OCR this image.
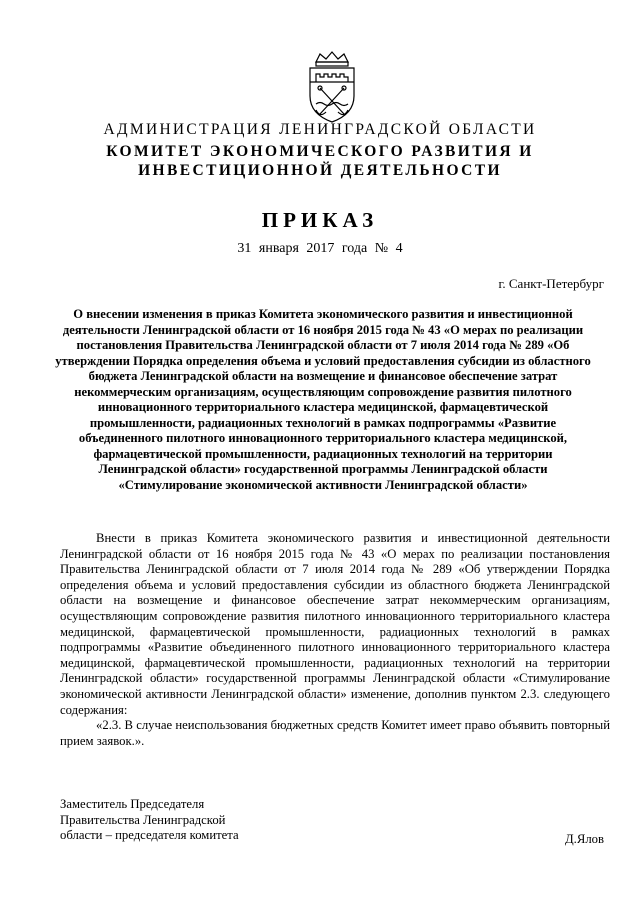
АДМИНИСТРАЦИЯ ЛЕНИНГРАДСКОЙ ОБЛАСТИ
КОМИТЕТ ЭКОНОМИЧЕСКОГО РАЗВИТИЯ И
ИНВЕСТИЦИОННОЙ ДЕЯТЕЛЬНОСТИ
ПРИКАЗ
31 января 2017 года № 4
г. Санкт-Петербург
О внесении изменения в приказ Комитета экономического развития и инвестиционной деятельности Ленинградской области от 16 ноября 2015 года № 43 «О мерах по реализации постановления Правительства Ленинградской области от 7 июля 2014 года № 289 «Об утверждении Порядка определения объема и условий предоставления субсидии из областного бюджета Ленинградской области на возмещение и финансовое обеспечение затрат некоммерческим организациям, осуществляющим сопровождение развития пилотного инновационного территориального кластера медицинской, фармацевтической промышленности, радиационных технологий в рамках подпрограммы «Развитие объединенного пилотного инновационного территориального кластера медицинской, фармацевтической промышленности, радиационных технологий на территории Ленинградской области» государственной программы Ленинградской области «Стимулирование экономической активности Ленинградской области»

Внести в приказ Комитета экономического развития и инвестиционной деятельности Ленинградской области от 16 ноября 2015 года № 43 «О мерах по реализации постановления Правительства Ленинградской области от 7 июля 2014 года № 289 «Об утверждении Порядка определения объема и условий предоставления субсидии из областного бюджета Ленинградской области на возмещение и финансовое обеспечение затрат некоммерческим организациям, осуществляющим сопровождение развития пилотного инновационного территориального кластера медицинской, фармацевтической промышленности, радиационных технологий в рамках подпрограммы «Развитие объединенного пилотного инновационного территориального кластера медицинской, фармацевтической промышленности, радиационных технологий на территории Ленинградской области» государственной программы Ленинградской области «Стимулирование экономической активности Ленинградской области» изменение, дополнив пунктом 2.3. следующего содержания:

«2.3. В случае неиспользования бюджетных средств Комитет имеет право объявить повторный прием заявок.».

Заместитель Председателя
Правительства Ленинградской
области – председателя комитета	Д.Ялов
